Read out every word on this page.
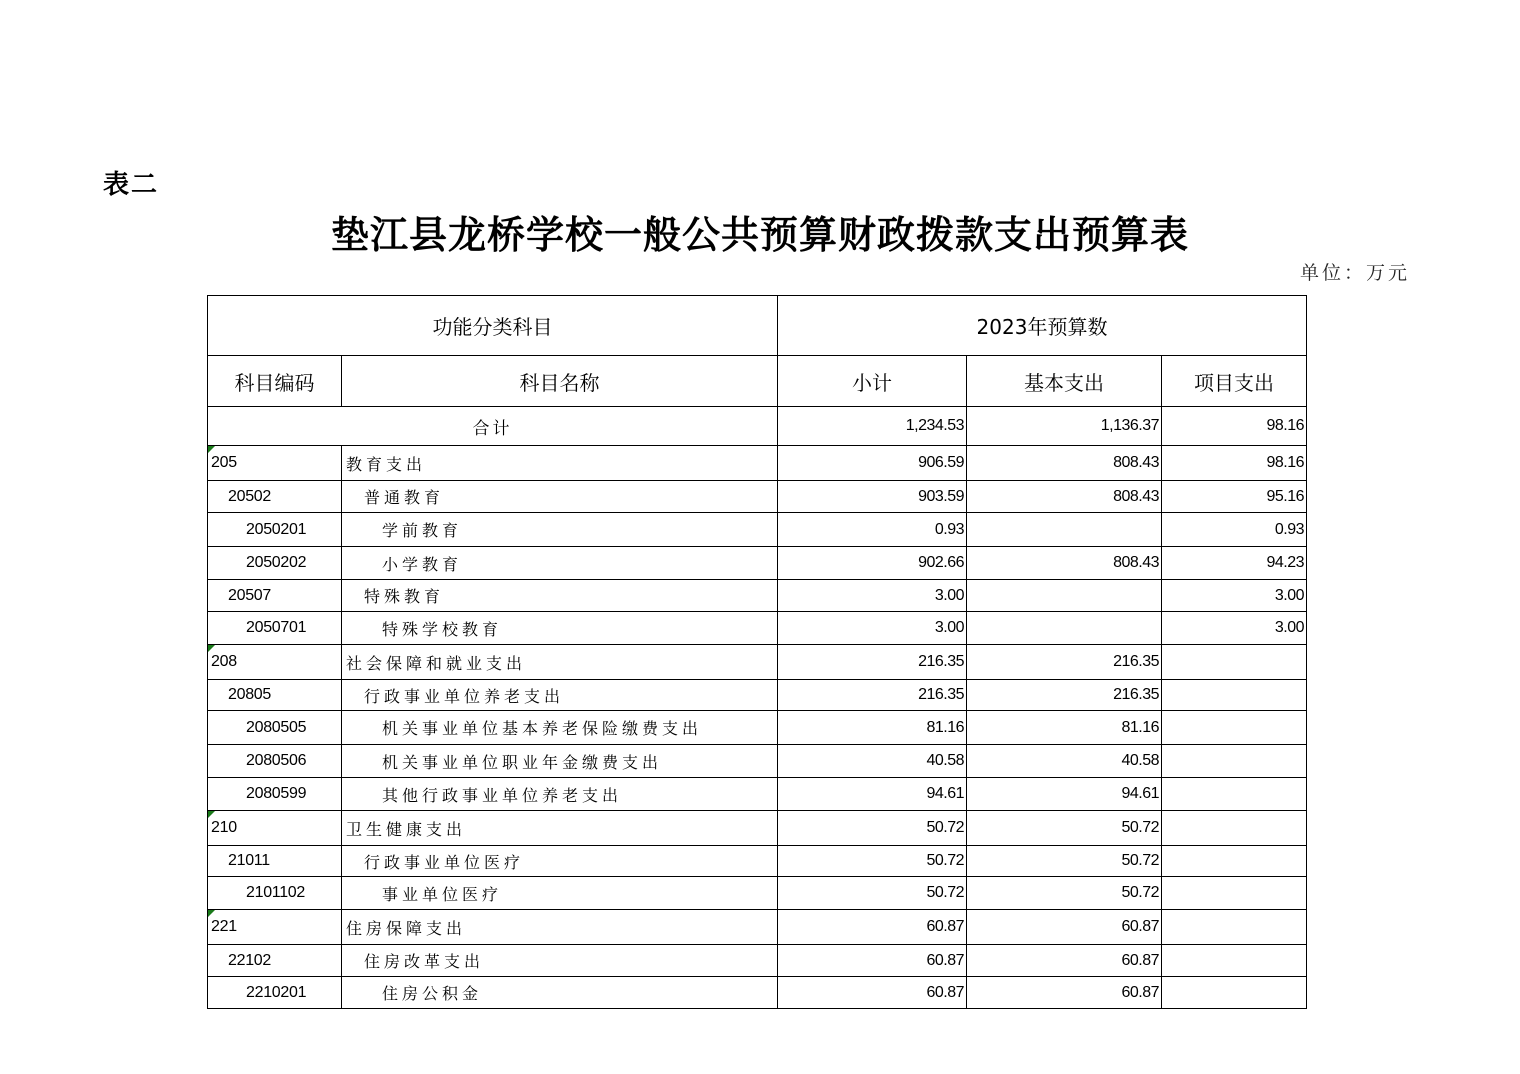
表二
垫江县龙桥学校一般公共预算财政拨款支出预算表
单位：万元
功能分类科目		2023年预算数		
科目编码	科目名称	小计	基本支出	项目支出
合计		1,234.53	1,136.37	98.16

205	教育支出	906.59	808.43	98.16
20502	普通教育	903.59	808.43	95.16
2050201	学前教育	0.93		0.93
2050202	小学教育	902.66	808.43	94.23
20507	特殊教育	3.00		3.00
2050701	特殊学校教育	3.00		3.00

208	社会保障和就业支出	216.35	216.35	
20805	行政事业单位养老支出	216.35	216.35	
2080505	机关事业单位基本养老保险缴费支出	81.16	81.16	
2080506	机关事业单位职业年金缴费支出	40.58	40.58	
2080599	其他行政事业单位养老支出	94.61	94.61	

210	卫生健康支出	50.72	50.72	
21011	行政事业单位医疗	50.72	50.72	
2101102	事业单位医疗	50.72	50.72	

221	住房保障支出	60.87	60.87	
22102	住房改革支出	60.87	60.87	
2210201	住房公积金	60.87	60.87	
